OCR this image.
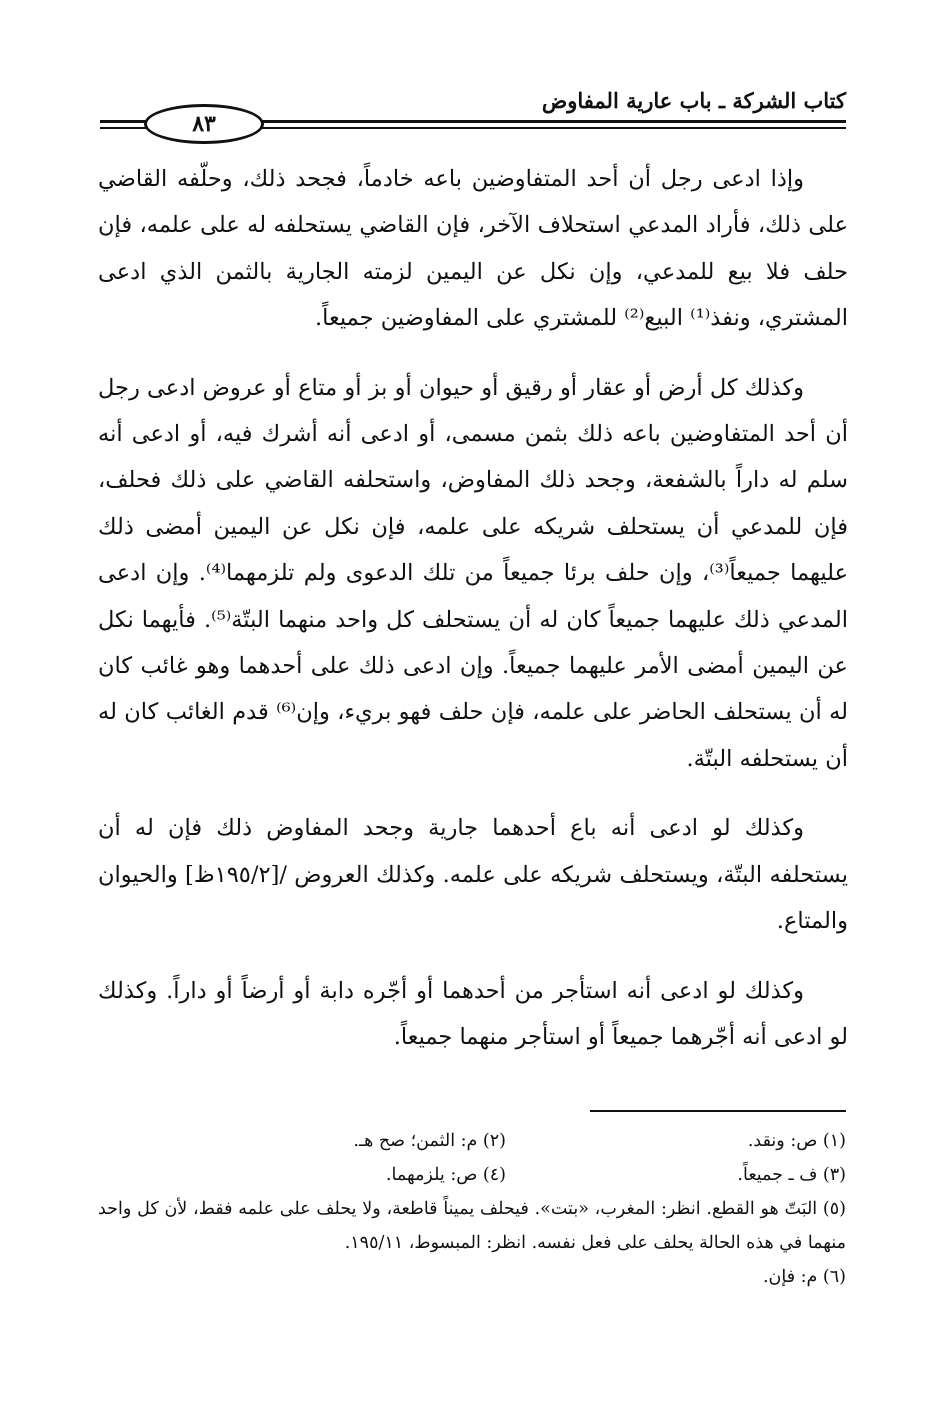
كتاب الشركة ـ باب عارية المفاوض
٨٣

وإذا ادعى رجل أن أحد المتفاوضين باعه خادماً، فجحد ذلك، وحلّفه القاضي على ذلك، فأراد المدعي استحلاف الآخر، فإن القاضي يستحلفه له على علمه، فإن حلف فلا بيع للمدعي، وإن نكل عن اليمين لزمته الجارية بالثمن الذي ادعى المشتري، ونفذ⁽¹⁾ البيع⁽²⁾ للمشتري على المفاوضين جميعاً.

وكذلك كل أرض أو عقار أو رقيق أو حيوان أو بز أو متاع أو عروض ادعى رجل أن أحد المتفاوضين باعه ذلك بثمن مسمى، أو ادعى أنه أشرك فيه، أو ادعى أنه سلم له داراً بالشفعة، وجحد ذلك المفاوض، واستحلفه القاضي على ذلك فحلف، فإن للمدعي أن يستحلف شريكه على علمه، فإن نكل عن اليمين أمضى ذلك عليهما جميعاً⁽³⁾، وإن حلف برئا جميعاً من تلك الدعوى ولم تلزمهما⁽⁴⁾. وإن ادعى المدعي ذلك عليهما جميعاً كان له أن يستحلف كل واحد منهما البتّة⁽⁵⁾. فأيهما نكل عن اليمين أمضى الأمر عليهما جميعاً. وإن ادعى ذلك على أحدهما وهو غائب كان له أن يستحلف الحاضر على علمه، فإن حلف فهو بريء، وإن⁽⁶⁾ قدم الغائب كان له أن يستحلفه البتّة.

وكذلك لو ادعى أنه باع أحدهما جارية وجحد المفاوض ذلك فإن له أن يستحلفه البتّة، ويستحلف شريكه على علمه. وكذلك العروض /[١٩٥/٢ظ] والحيوان والمتاع.

وكذلك لو ادعى أنه استأجر من أحدهما أو أجّره دابة أو أرضاً أو داراً. وكذلك لو ادعى أنه أجّرهما جميعاً أو استأجر منهما جميعاً.

(١) ص: ونقد.
(٢) م: الثمن؛ صح هـ.
(٣) ف ـ جميعاً.
(٤) ص: يلزمهما.
(٥) البَتّ هو القطع. انظر: المغرب، «بتت». فيحلف يميناً قاطعة، ولا يحلف على علمه فقط، لأن كل واحد منهما في هذه الحالة يحلف على فعل نفسه. انظر: المبسوط، ١٩٥/١١.
(٦) م: فإن.
